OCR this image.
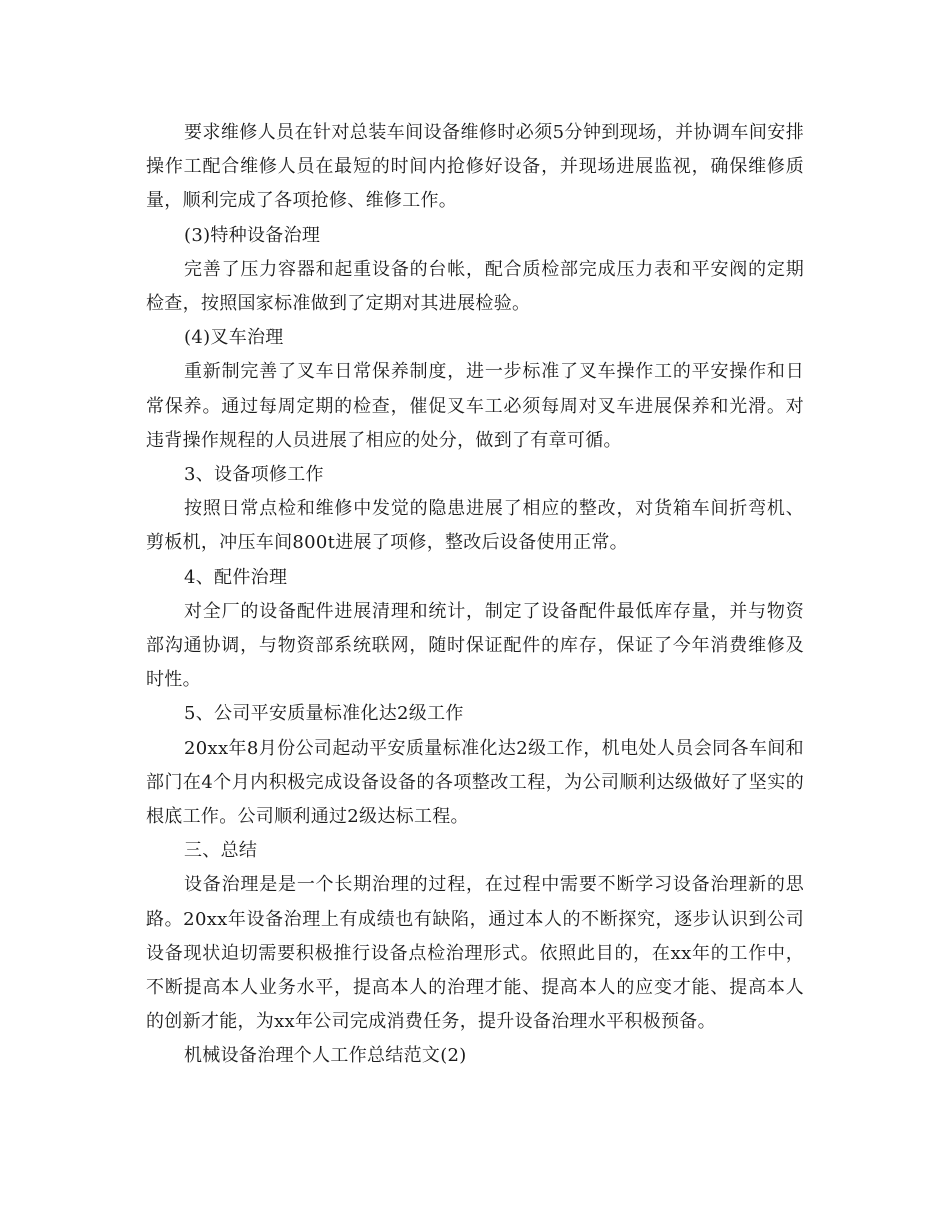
要求维修人员在针对总装车间设备维修时必须5分钟到现场，并协调车间安排操作工配合维修人员在最短的时间内抢修好设备，并现场进展监视，确保维修质量，顺利完成了各项抢修、维修工作。

(3)特种设备治理

完善了压力容器和起重设备的台帐，配合质检部完成压力表和平安阀的定期检查，按照国家标准做到了定期对其进展检验。

(4)叉车治理

重新制完善了叉车日常保养制度，进一步标准了叉车操作工的平安操作和日常保养。通过每周定期的检查，催促叉车工必须每周对叉车进展保养和光滑。对违背操作规程的人员进展了相应的处分，做到了有章可循。

3、设备项修工作

按照日常点检和维修中发觉的隐患进展了相应的整改，对货箱车间折弯机、剪板机，冲压车间800t进展了项修，整改后设备使用正常。

4、配件治理

对全厂的设备配件进展清理和统计，制定了设备配件最低库存量，并与物资部沟通协调，与物资部系统联网，随时保证配件的库存，保证了今年消费维修及时性。

5、公司平安质量标准化达2级工作

20xx年8月份公司起动平安质量标准化达2级工作，机电处人员会同各车间和部门在4个月内积极完成设备设备的各项整改工程，为公司顺利达级做好了坚实的根底工作。公司顺利通过2级达标工程。

三、总结

设备治理是是一个长期治理的过程，在过程中需要不断学习设备治理新的思路。20xx年设备治理上有成绩也有缺陷，通过本人的不断探究，逐步认识到公司设备现状迫切需要积极推行设备点检治理形式。依照此目的，在xx年的工作中，不断提高本人业务水平，提高本人的治理才能、提高本人的应变才能、提高本人的创新才能，为xx年公司完成消费任务，提升设备治理水平积极预备。

机械设备治理个人工作总结范文(2)
